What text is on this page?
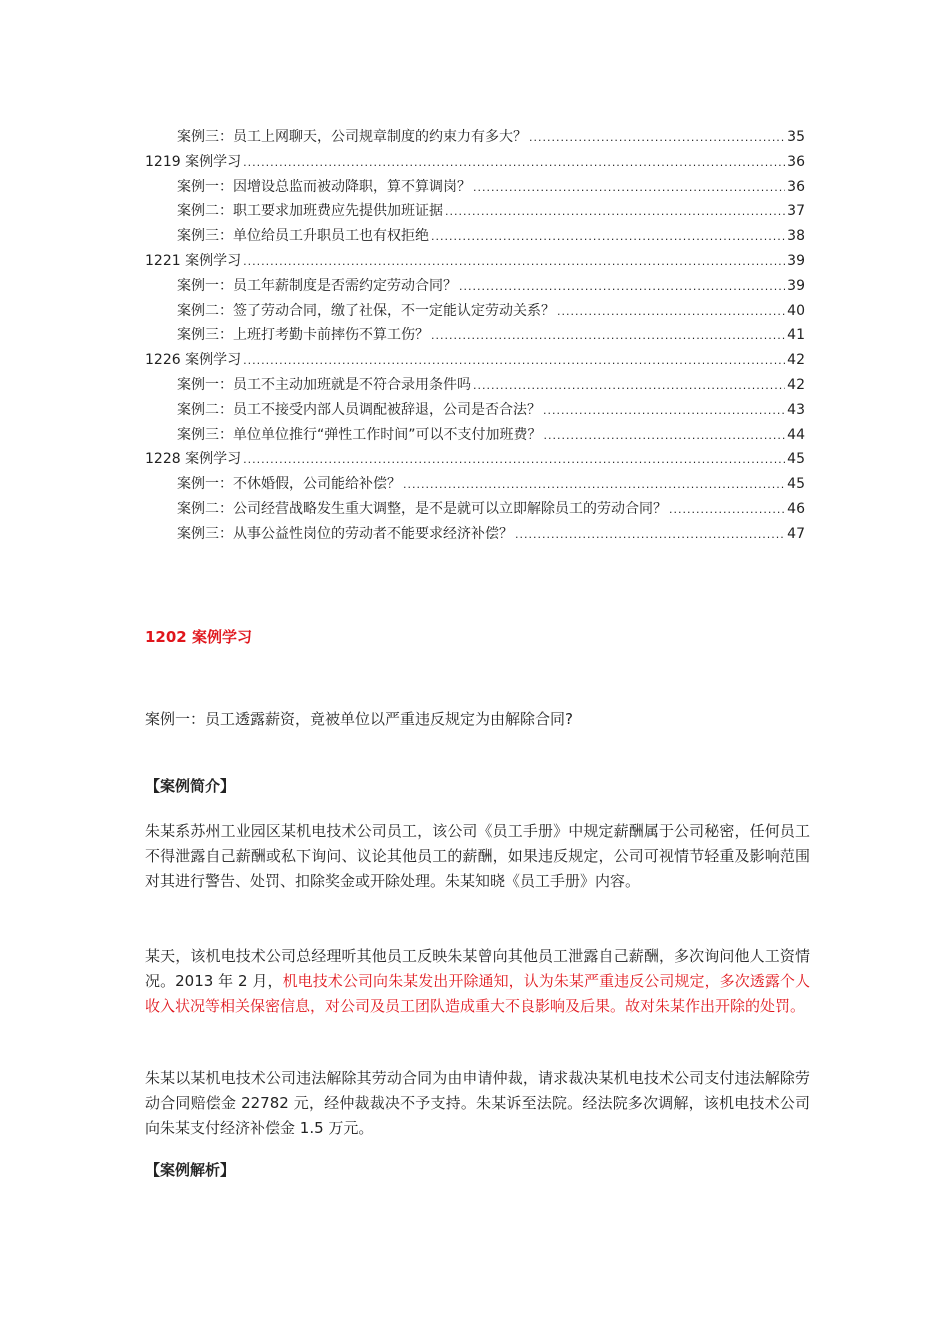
案例三：员工上网聊天，公司规章制度的约束力有多大？ .....	35
1219 案例学习 .....	36
案例一：因增设总监而被动降职，算不算调岗？ .....	36
案例二：职工要求加班费应先提供加班证据 .....	37
案例三：单位给员工升职员工也有权拒绝 .....	38
1221 案例学习 .....	39
案例一：员工年薪制度是否需约定劳动合同？ .....	39
案例二：签了劳动合同，缴了社保，不一定能认定劳动关系？ .....	40
案例三：上班打考勤卡前摔伤不算工伤？ .....	41
1226 案例学习 .....	42
案例一：员工不主动加班就是不符合录用条件吗 .....	42
案例二：员工不接受内部人员调配被辞退，公司是否合法？ .....	43
案例三：单位单位推行“弹性工作时间”可以不支付加班费？ .....	44
1228 案例学习 .....	45
案例一：不休婚假，公司能给补偿？ .....	45
案例二：公司经营战略发生重大调整，是不是就可以立即解除员工的劳动合同？ .....	46
案例三：从事公益性岗位的劳动者不能要求经济补偿？ .....	47
1202 案例学习
案例一：员工透露薪资，竟被单位以严重违反规定为由解除合同?
【案例简介】
朱某系苏州工业园区某机电技术公司员工，该公司《员工手册》中规定薪酬属于公司秘密，任何员工不得泄露自己薪酬或私下询问、议论其他员工的薪酬，如果违反规定，公司可视情节轻重及影响范围对其进行警告、处罚、扣除奖金或开除处理。朱某知晓《员工手册》内容。
某天，该机电技术公司总经理听其他员工反映朱某曾向其他员工泄露自己薪酬，多次询问他人工资情况。2013 年 2 月，机电技术公司向朱某发出开除通知，认为朱某严重违反公司规定，多次透露个人收入状况等相关保密信息，对公司及员工团队造成重大不良影响及后果。故对朱某作出开除的处罚。
朱某以某机电技术公司违法解除其劳动合同为由申请仲裁，请求裁决某机电技术公司支付违法解除劳动合同赔偿金 22782 元，经仲裁裁决不予支持。朱某诉至法院。经法院多次调解，该机电技术公司向朱某支付经济补偿金 1.5 万元。
【案例解析】
